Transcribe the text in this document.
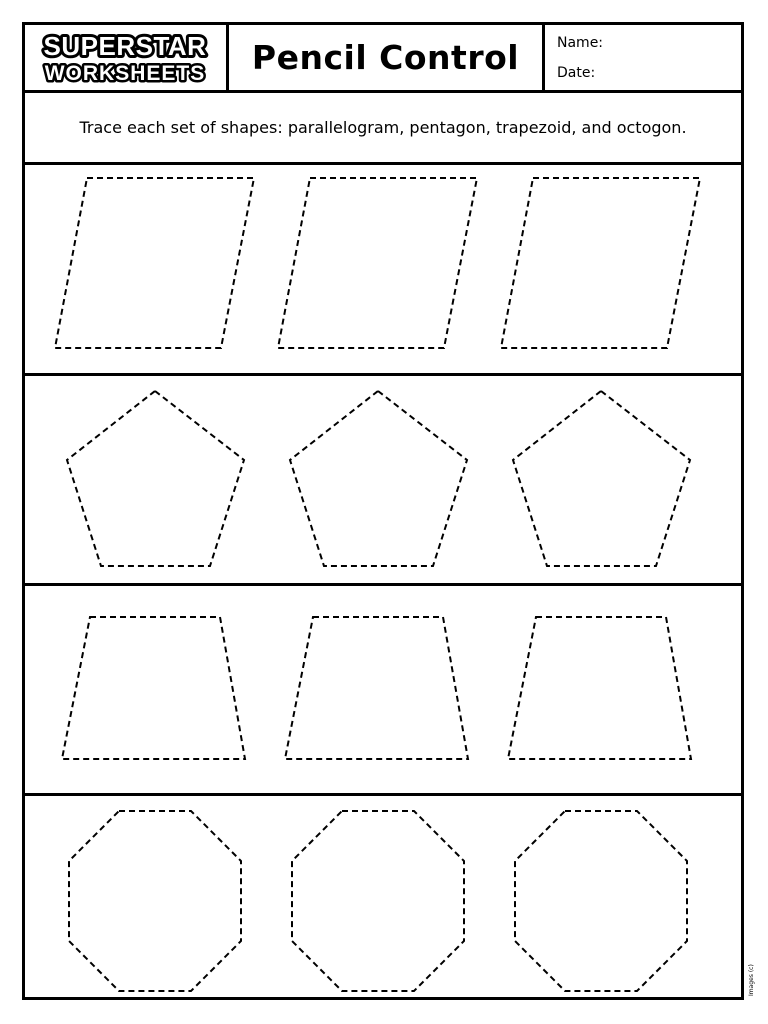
SUPERSTAR
WORKSHEETS Pencil Control	Name:
Date:
Trace each set of shapes: parallelogram, pentagon, trapezoid, and octogon.
Images (c)
